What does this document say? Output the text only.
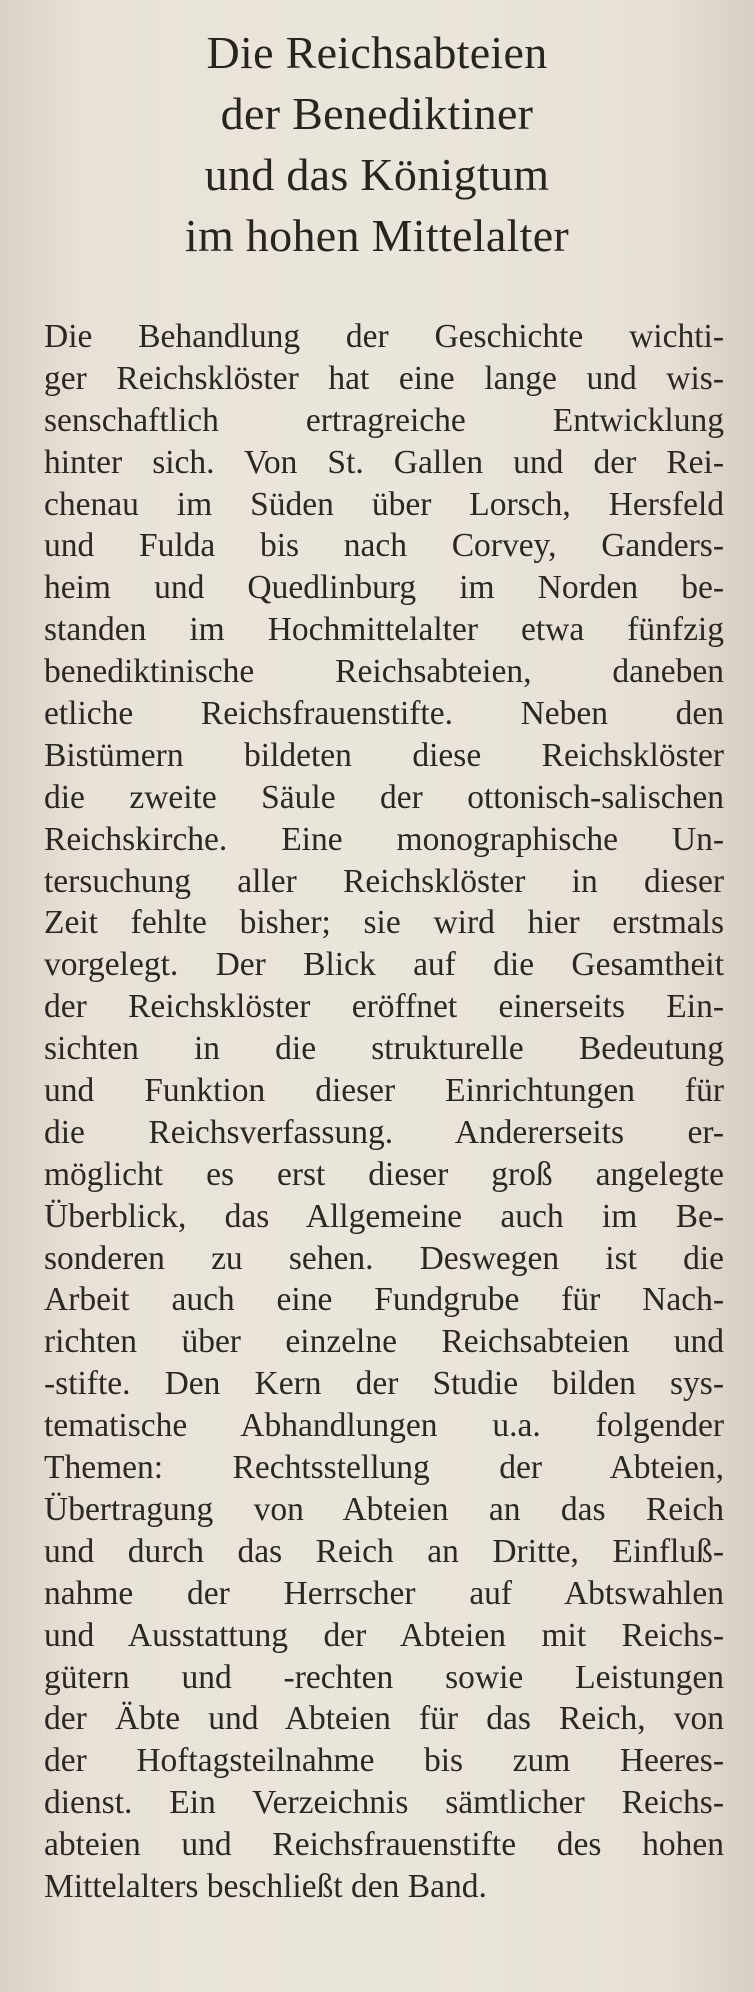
Die Reichsabteien
der Benediktiner
und das Königtum
im hohen Mittelalter
Die Behandlung der Geschichte wichti-
ger Reichsklöster hat eine lange und wis-
senschaftlich ertragreiche Entwicklung
hinter sich. Von St. Gallen und der Rei-
chenau im Süden über Lorsch, Hersfeld
und Fulda bis nach Corvey, Ganders-
heim und Quedlinburg im Norden be-
standen im Hochmittelalter etwa fünfzig
benediktinische Reichsabteien, daneben
etliche Reichsfrauenstifte. Neben den
Bistümern bildeten diese Reichsklöster
die zweite Säule der ottonisch-salischen
Reichskirche. Eine monographische Un-
tersuchung aller Reichsklöster in dieser
Zeit fehlte bisher; sie wird hier erstmals
vorgelegt. Der Blick auf die Gesamtheit
der Reichsklöster eröffnet einerseits Ein-
sichten in die strukturelle Bedeutung
und Funktion dieser Einrichtungen für
die Reichsverfassung. Andererseits er-
möglicht es erst dieser groß angelegte
Überblick, das Allgemeine auch im Be-
sonderen zu sehen. Deswegen ist die
Arbeit auch eine Fundgrube für Nach-
richten über einzelne Reichsabteien und
-stifte. Den Kern der Studie bilden sys-
tematische Abhandlungen u.a. folgender
Themen: Rechtsstellung der Abteien,
Übertragung von Abteien an das Reich
und durch das Reich an Dritte, Einfluß-
nahme der Herrscher auf Abtswahlen
und Ausstattung der Abteien mit Reichs-
gütern und -rechten sowie Leistungen
der Äbte und Abteien für das Reich, von
der Hoftagsteilnahme bis zum Heeres-
dienst. Ein Verzeichnis sämtlicher Reichs-
abteien und Reichsfrauenstifte des hohen
Mittelalters beschließt den Band.
